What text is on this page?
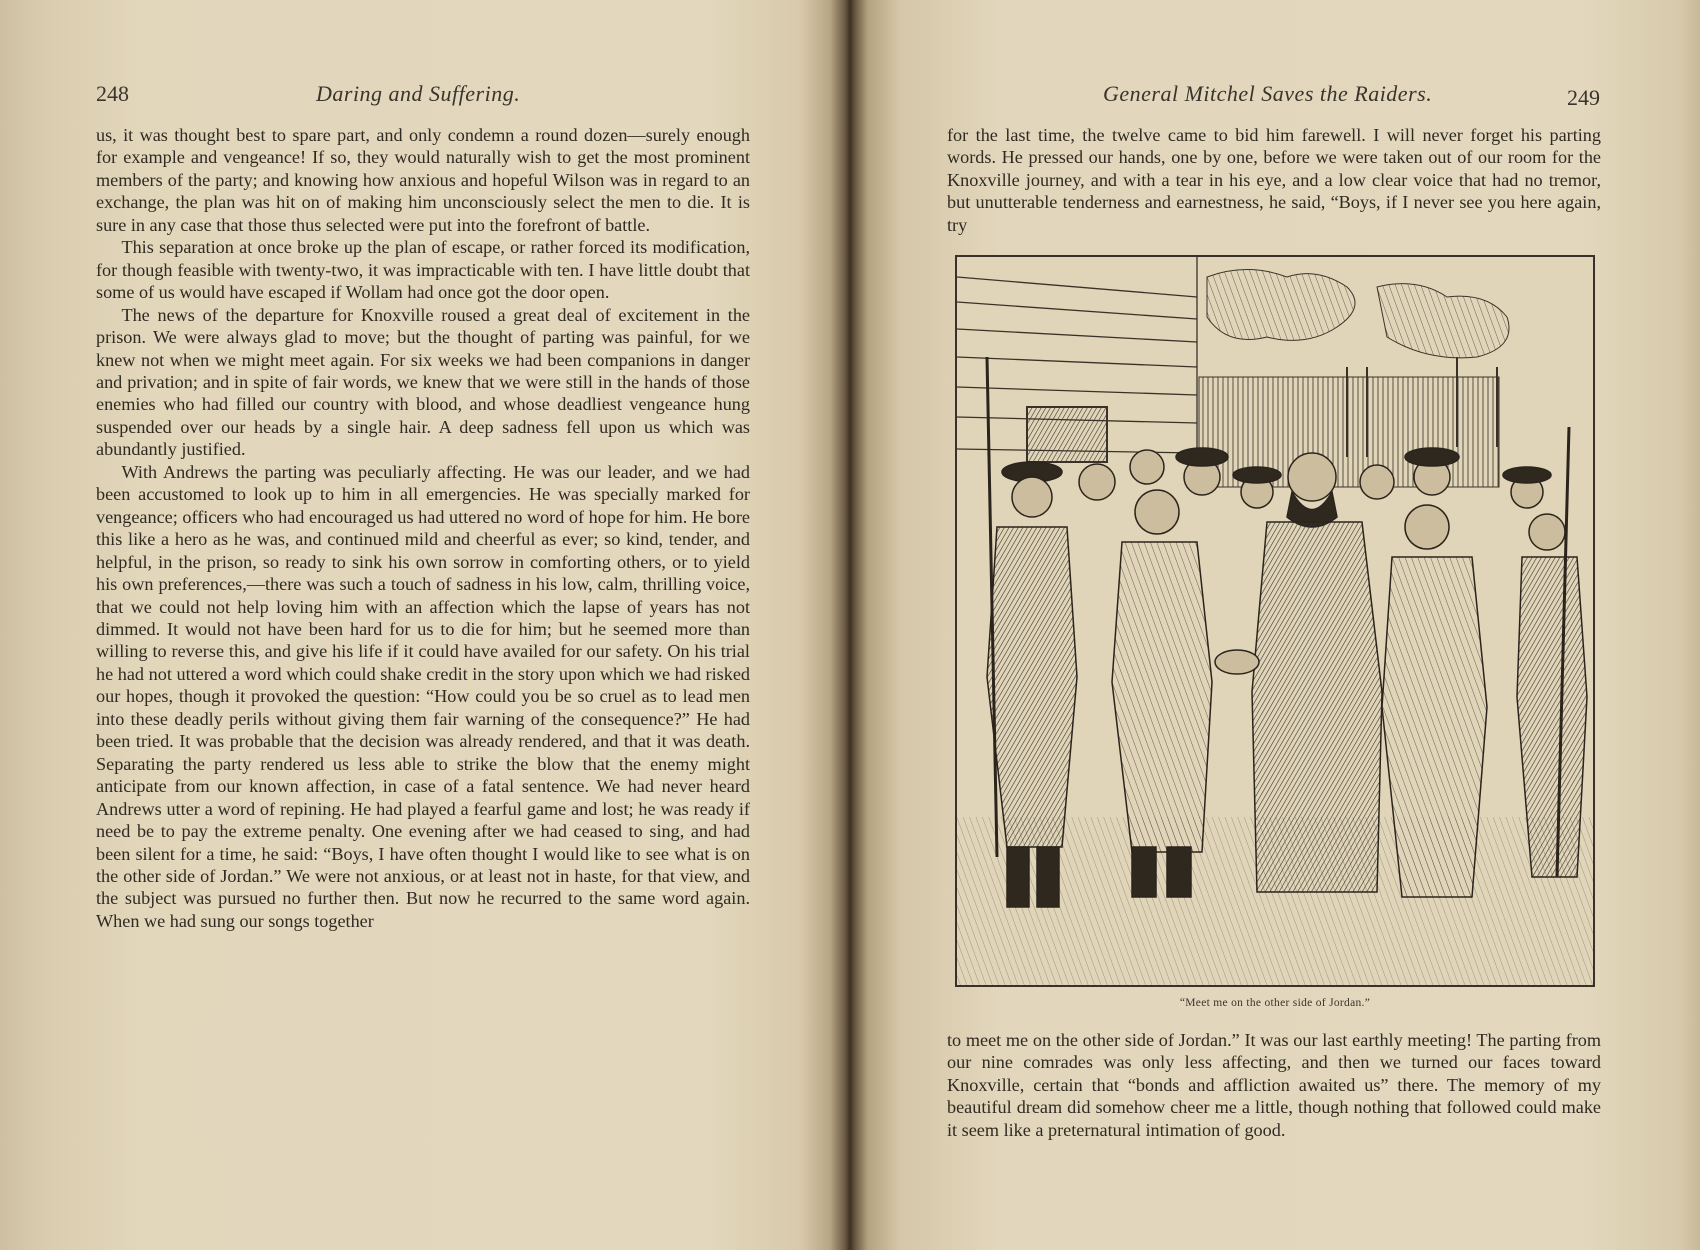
248	Daring and Suffering.

us, it was thought best to spare part, and only condemn a round dozen—surely enough for example and vengeance! If so, they would naturally wish to get the most prominent members of the party; and knowing how anxious and hopeful Wilson was in regard to an exchange, the plan was hit on of making him unconsciously select the men to die. It is sure in any case that those thus selected were put into the forefront of battle.

This separation at once broke up the plan of escape, or rather forced its modification, for though feasible with twenty-two, it was impracticable with ten. I have little doubt that some of us would have escaped if Wollam had once got the door open.

The news of the departure for Knoxville roused a great deal of excitement in the prison. We were always glad to move; but the thought of parting was painful, for we knew not when we might meet again. For six weeks we had been companions in danger and privation; and in spite of fair words, we knew that we were still in the hands of those enemies who had filled our country with blood, and whose deadliest vengeance hung suspended over our heads by a single hair. A deep sadness fell upon us which was abundantly justified.

With Andrews the parting was peculiarly affecting. He was our leader, and we had been accustomed to look up to him in all emergencies. He was specially marked for vengeance; officers who had encouraged us had uttered no word of hope for him. He bore this like a hero as he was, and continued mild and cheerful as ever; so kind, tender, and helpful, in the prison, so ready to sink his own sorrow in comforting others, or to yield his own preferences,—there was such a touch of sadness in his low, calm, thrilling voice, that we could not help loving him with an affection which the lapse of years has not dimmed. It would not have been hard for us to die for him; but he seemed more than willing to reverse this, and give his life if it could have availed for our safety. On his trial he had not uttered a word which could shake credit in the story upon which we had risked our hopes, though it provoked the question: “How could you be so cruel as to lead men into these deadly perils without giving them fair warning of the consequence?” He had been tried. It was probable that the decision was already rendered, and that it was death. Separating the party rendered us less able to strike the blow that the enemy might anticipate from our known affection, in case of a fatal sentence. We had never heard Andrews utter a word of repining. He had played a fearful game and lost; he was ready if need be to pay the extreme penalty. One evening after we had ceased to sing, and had been silent for a time, he said: “Boys, I have often thought I would like to see what is on the other side of Jordan.” We were not anxious, or at least not in haste, for that view, and the subject was pursued no further then. But now he recurred to the same word again. When we had sung our songs together

General Mitchel Saves the Raiders.	249

for the last time, the twelve came to bid him farewell. I will never forget his parting words. He pressed our hands, one by one, before we were taken out of our room for the Knoxville journey, and with a tear in his eye, and a low clear voice that had no tremor, but unutterable tenderness and earnestness, he said, “Boys, if I never see you here again, try

“Meet me on the other side of Jordan.”

to meet me on the other side of Jordan.” It was our last earthly meeting! The parting from our nine comrades was only less affecting, and then we turned our faces toward Knoxville, certain that “bonds and affliction awaited us” there. The memory of my beautiful dream did somehow cheer me a little, though nothing that followed could make it seem like a preternatural intimation of good.
